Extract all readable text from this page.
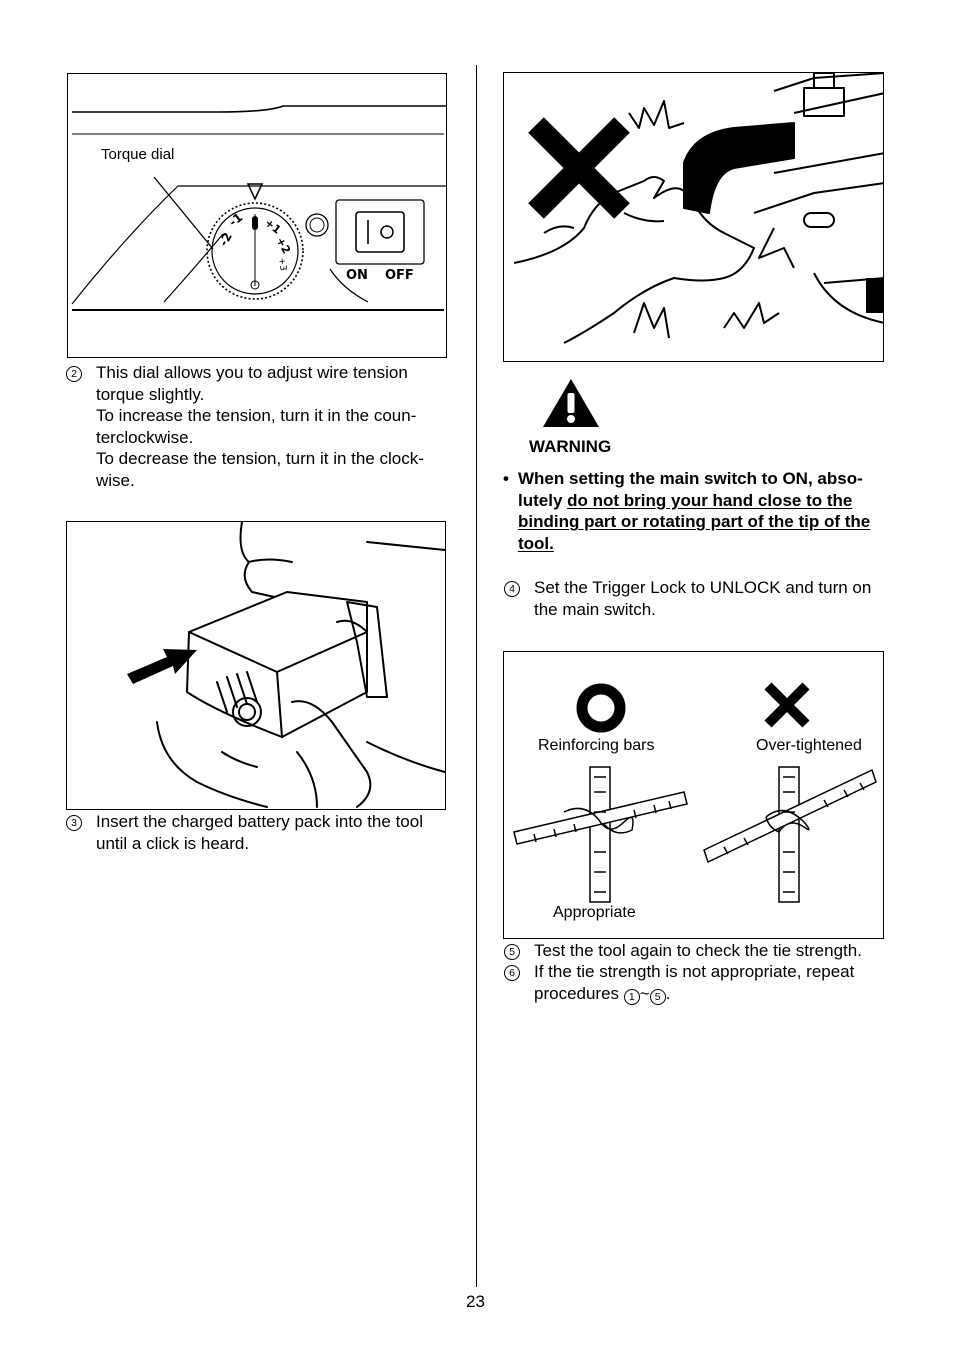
-2
-1 +1
+2
+3
ON OFF
Torque dial
2 This dial allows you to adjust wire tension
torque slightly.
To increase the tension, turn it in the coun-
terclockwise.
To decrease the tension, turn it in the clock-
wise.
3 Insert the charged battery pack into the tool
until a click is heard.
WARNING
• When setting the main switch to ON, abso-
lutely do not bring your hand close to the
binding part or rotating part of the tip of the
tool.
4 Set the Trigger Lock to UNLOCK and turn on
the main switch.
Reinforcing bars	Over-tightened
Appropriate
5 Test the tool again to check the tie strength.
6 If the tie strength is not appropriate, repeat
procedures 1 ~ 5 .
23
